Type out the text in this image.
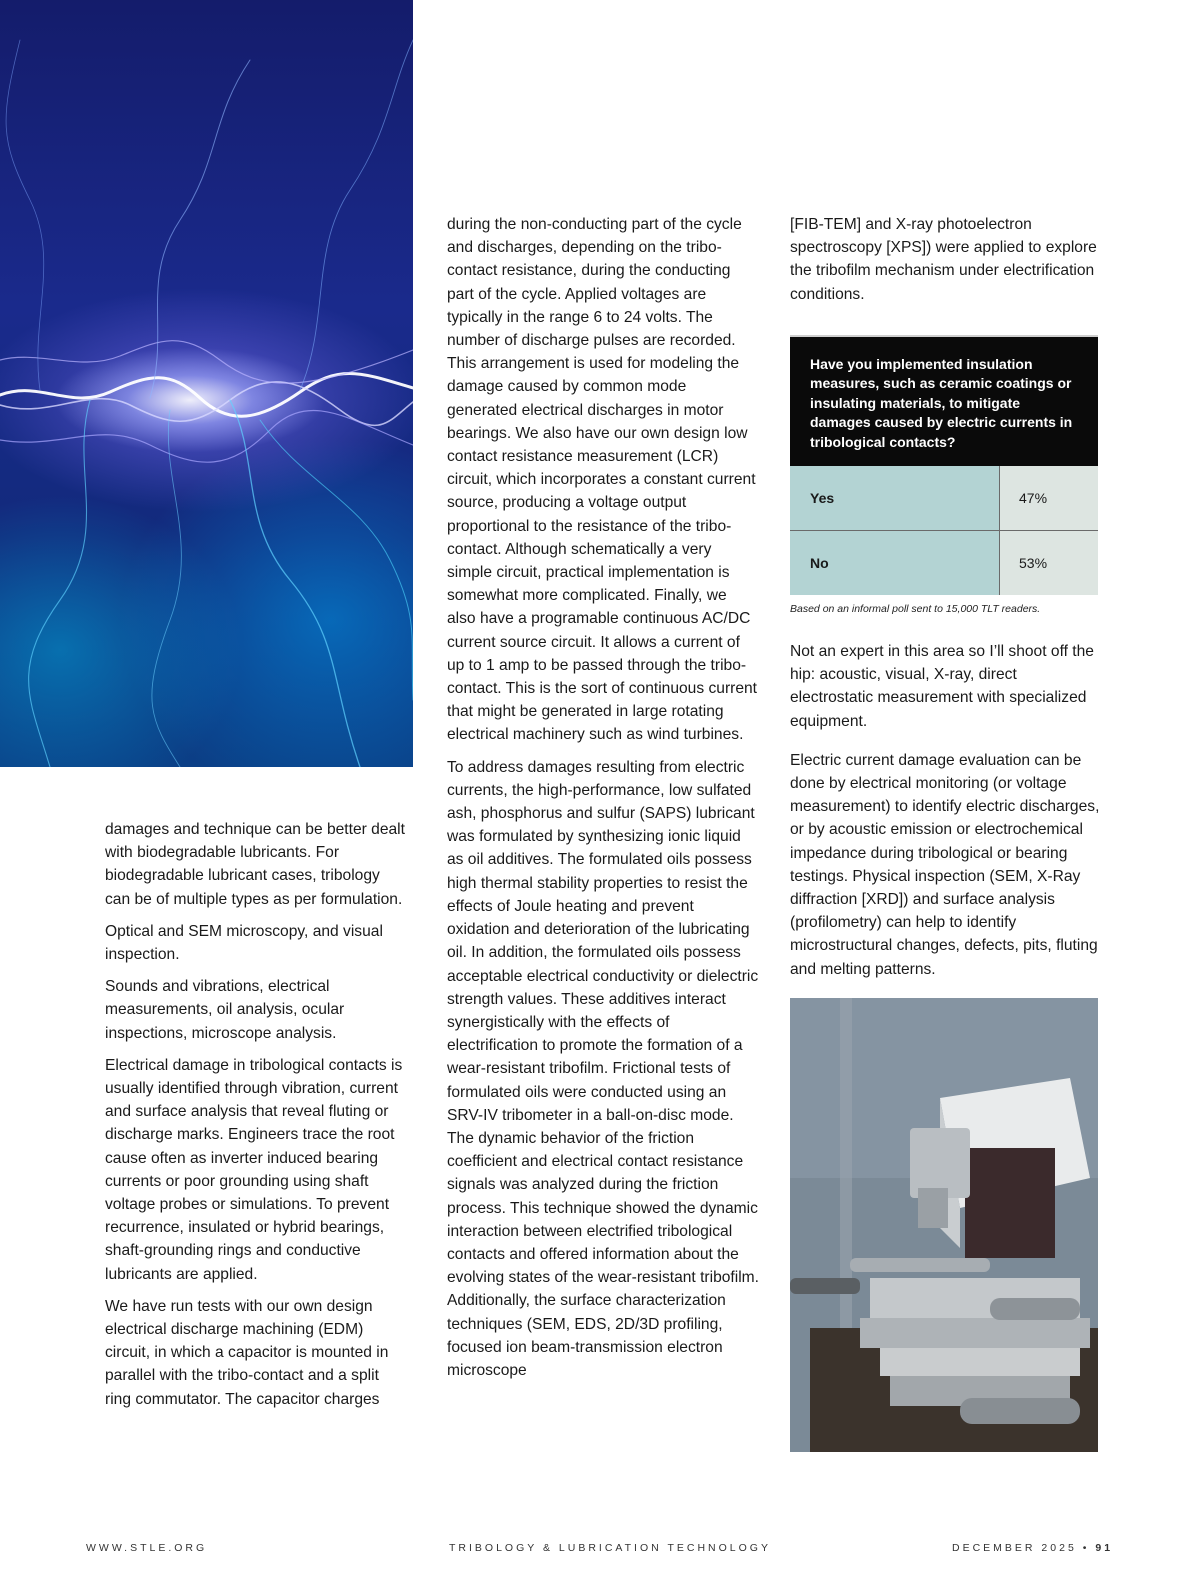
damages and technique can be better dealt with biodegradable lubricants. For biodegradable lubricant cases, tribology can be of multiple types as per formulation.

Optical and SEM microscopy, and visual inspection.

Sounds and vibrations, electrical measurements, oil analysis, ocular inspections, microscope analysis.

Electrical damage in tribological contacts is usually identified through vibration, current and surface analysis that reveal fluting or discharge marks. Engineers trace the root cause often as inverter induced bearing currents or poor grounding using shaft voltage probes or simulations. To prevent recurrence, insulated or hybrid bearings, shaft-grounding rings and conductive lubricants are applied.

We have run tests with our own design electrical discharge machining (EDM) circuit, in which a capacitor is mounted in parallel with the tribo-contact and a split ring commutator. The capacitor charges

during the non-conducting part of the cycle and discharges, depending on the tribo-contact resistance, during the conducting part of the cycle. Applied voltages are typically in the range 6 to 24 volts. The number of discharge pulses are recorded. This arrangement is used for modeling the damage caused by common mode generated electrical discharges in motor bearings. We also have our own design low contact resistance measurement (LCR) circuit, which incorporates a constant current source, producing a voltage output proportional to the resistance of the tribo-contact. Although schematically a very simple circuit, practical implementation is somewhat more complicated. Finally, we also have a programable continuous AC/DC current source circuit. It allows a current of up to 1 amp to be passed through the tribo-contact. This is the sort of continuous current that might be generated in large rotating electrical machinery such as wind turbines.

To address damages resulting from electric currents, the high-performance, low sulfated ash, phosphorus and sulfur (SAPS) lubricant was formulated by synthesizing ionic liquid as oil additives. The formulated oils possess high thermal stability properties to resist the effects of Joule heating and prevent oxidation and deterioration of the lubricating oil. In addition, the formulated oils possess acceptable electrical conductivity or dielectric strength values. These additives interact synergistically with the effects of electrification to promote the formation of a wear-resistant tribofilm. Frictional tests of formulated oils were conducted using an SRV-IV tribometer in a ball-on-disc mode. The dynamic behavior of the friction coefficient and electrical contact resistance signals was analyzed during the friction process. This technique showed the dynamic interaction between electrified tribological contacts and offered information about the evolving states of the wear-resistant tribofilm. Additionally, the surface characterization techniques (SEM, EDS, 2D/3D profiling, focused ion beam-transmission electron microscope

[FIB-TEM] and X-ray photoelectron spectroscopy [XPS]) were applied to explore the tribofilm mechanism under electrification conditions.

Have you implemented insulation measures, such as ceramic coatings or insulating materials, to mitigate damages caused by electric currents in tribological contacts?
Yes	47%
No	53%
Based on an informal poll sent to 15,000 TLT readers.

Not an expert in this area so I’ll shoot off the hip: acoustic, visual, X-ray, direct electrostatic measurement with specialized equipment.

Electric current damage evaluation can be done by electrical monitoring (or voltage measurement) to identify electric discharges, or by acoustic emission or electrochemical impedance during tribological or bearing testings. Physical inspection (SEM, X-Ray diffraction [XRD]) and surface analysis (profilometry) can help to identify microstructural changes, defects, pits, fluting and melting patterns.

WWW.STLE.ORG	TRIBOLOGY & LUBRICATION TECHNOLOGY	DECEMBER 2025 • 91
